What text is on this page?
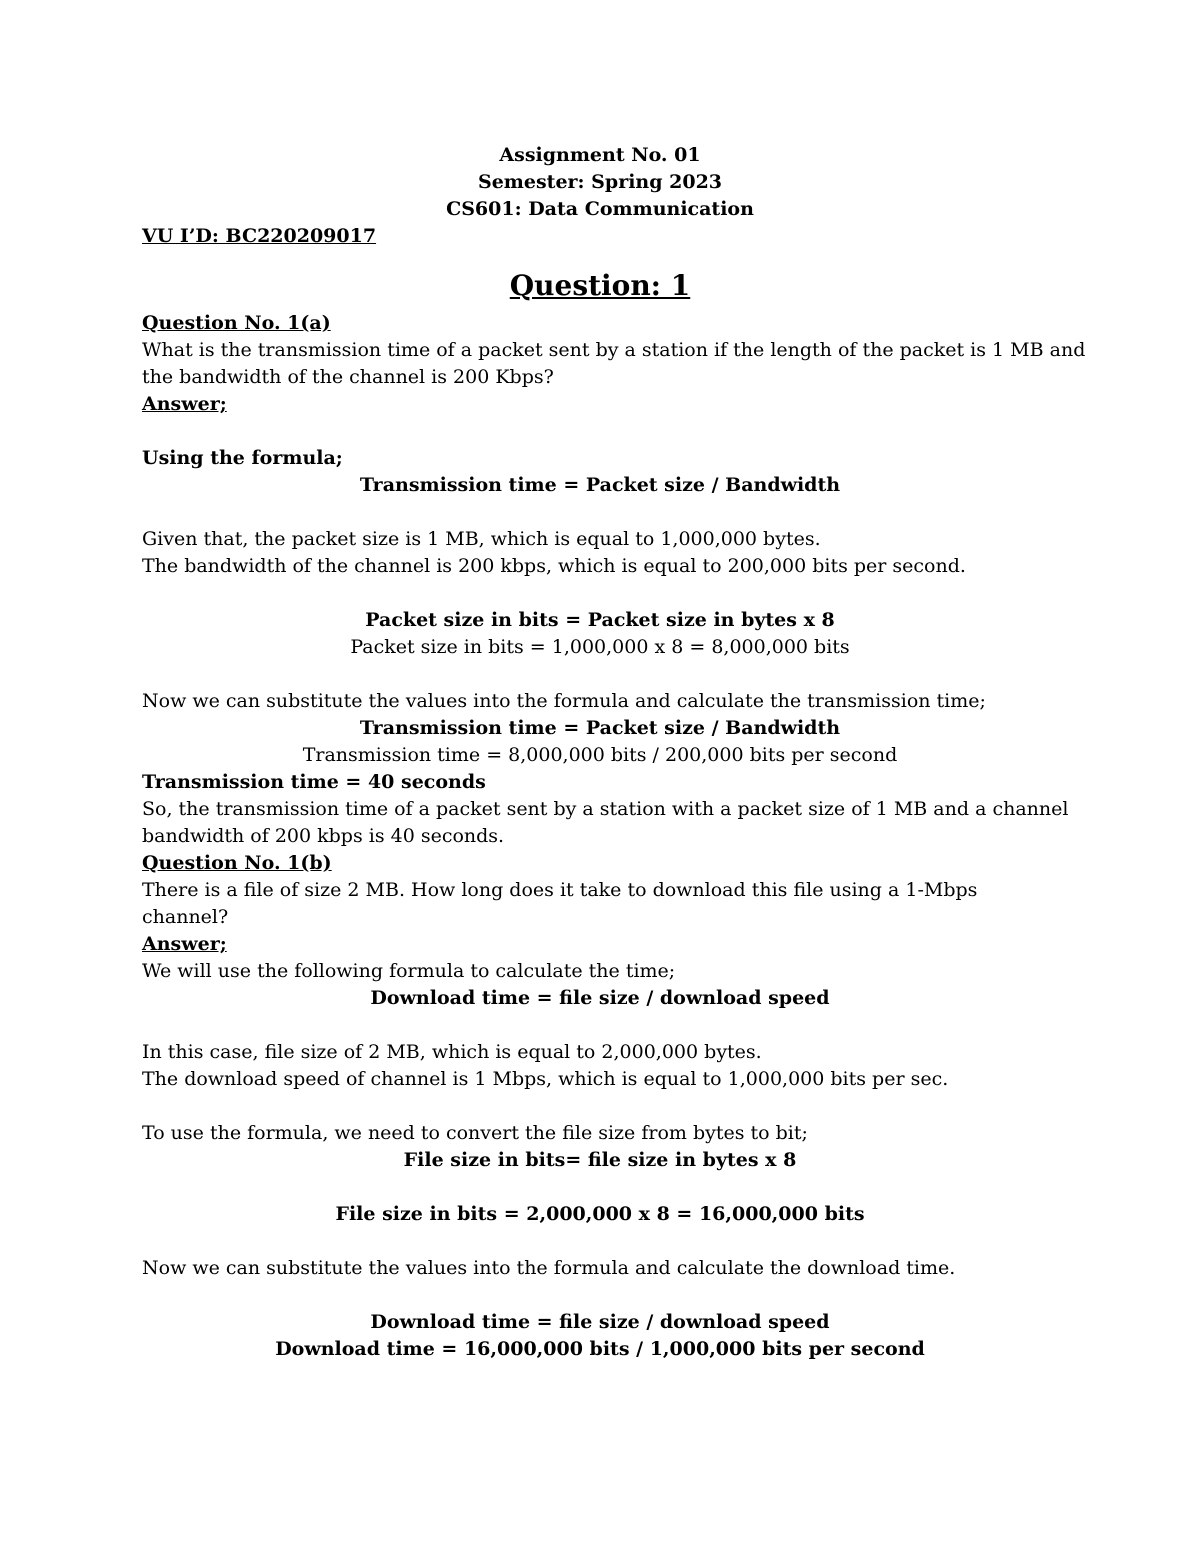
Assignment No. 01
Semester: Spring 2023
CS601: Data Communication
VU I’D: BC220209017
Question: 1
Question No. 1(a)
What is the transmission time of a packet sent by a station if the length of the packet is 1 MB and
the bandwidth of the channel is 200 Kbps?
Answer;
Using the formula;
Transmission time = Packet size / Bandwidth
Given that, the packet size is 1 MB, which is equal to 1,000,000 bytes.
The bandwidth of the channel is 200 kbps, which is equal to 200,000 bits per second.
Packet size in bits = Packet size in bytes x 8
Packet size in bits = 1,000,000 x 8 = 8,000,000 bits
Now we can substitute the values into the formula and calculate the transmission time;
Transmission time = Packet size / Bandwidth
Transmission time = 8,000,000 bits / 200,000 bits per second
Transmission time = 40 seconds
So, the transmission time of a packet sent by a station with a packet size of 1 MB and a channel
bandwidth of 200 kbps is 40 seconds.
Question No. 1(b)
There is a file of size 2 MB. How long does it take to download this file using a 1-Mbps
channel?
Answer;
We will use the following formula to calculate the time;
Download time = file size / download speed
In this case, file size of 2 MB, which is equal to 2,000,000 bytes.
The download speed of channel is 1 Mbps, which is equal to 1,000,000 bits per sec.
To use the formula, we need to convert the file size from bytes to bit;
File size in bits= file size in bytes x 8
File size in bits = 2,000,000 x 8 = 16,000,000 bits
Now we can substitute the values into the formula and calculate the download time.
Download time = file size / download speed
Download time = 16,000,000 bits / 1,000,000 bits per second
